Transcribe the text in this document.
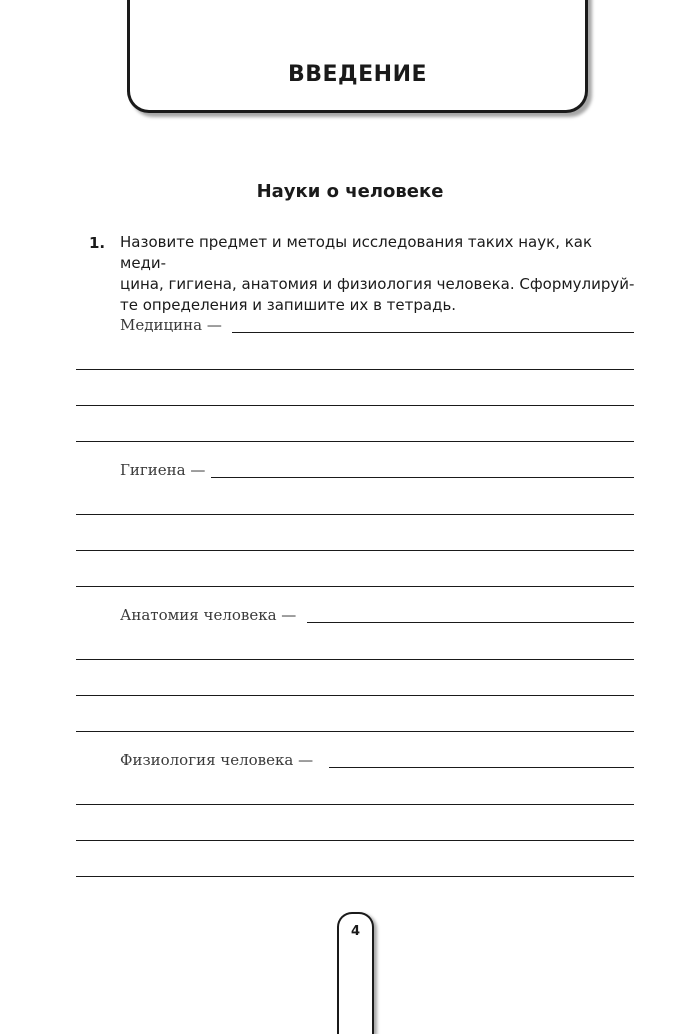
ВВЕДЕНИЕ
Науки о человеке
1. Назовите предмет и методы исследования таких наук, как меди-
цина, гигиена, анатомия и физиология человека. Сформулируй-
те определения и запишите их в тетрадь.

Медицина —
Гигиена —
Анатомия человека —
Физиология человека —
4
